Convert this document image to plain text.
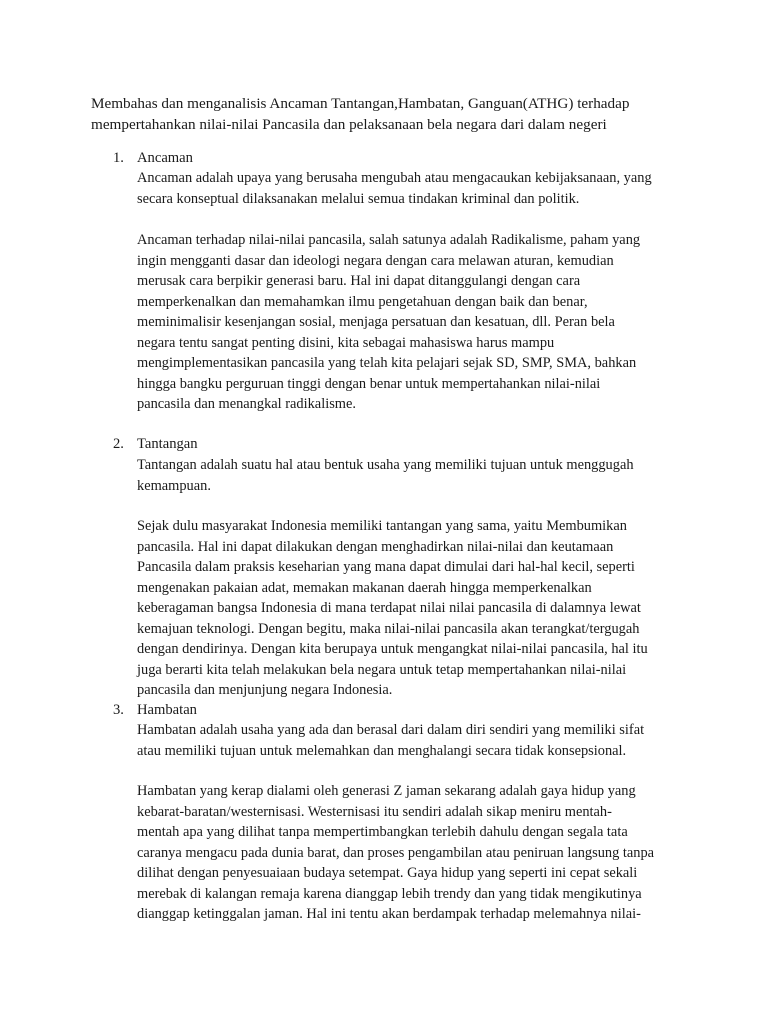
Membahas dan menganalisis Ancaman Tantangan,Hambatan, Ganguan(ATHG) terhadap
mempertahankan nilai-nilai Pancasila dan pelaksanaan bela negara dari dalam negeri
1. Ancaman
Ancaman adalah upaya yang berusaha mengubah atau mengacaukan kebijaksanaan, yang
secara konseptual dilaksanakan melalui semua tindakan kriminal dan politik.
Ancaman terhadap nilai-nilai pancasila, salah satunya adalah Radikalisme, paham yang
ingin mengganti dasar dan ideologi negara dengan cara melawan aturan, kemudian
merusak cara berpikir generasi baru. Hal ini dapat ditanggulangi dengan cara
memperkenalkan dan memahamkan ilmu pengetahuan dengan baik dan benar,
meminimalisir kesenjangan sosial, menjaga persatuan dan kesatuan, dll. Peran bela
negara tentu sangat penting disini, kita sebagai mahasiswa harus mampu
mengimplementasikan pancasila yang telah kita pelajari sejak SD, SMP, SMA, bahkan
hingga bangku perguruan tinggi dengan benar untuk mempertahankan nilai-nilai
pancasila dan menangkal radikalisme.
2. Tantangan
Tantangan adalah suatu hal atau bentuk usaha yang memiliki tujuan untuk menggugah
kemampuan.
Sejak dulu masyarakat Indonesia memiliki tantangan yang sama, yaitu Membumikan
pancasila. Hal ini dapat dilakukan dengan menghadirkan nilai-nilai dan keutamaan
Pancasila dalam praksis keseharian yang mana dapat dimulai dari hal-hal kecil, seperti
mengenakan pakaian adat, memakan makanan daerah hingga memperkenalkan
keberagaman bangsa Indonesia di mana terdapat nilai nilai pancasila di dalamnya lewat
kemajuan teknologi. Dengan begitu, maka nilai-nilai pancasila akan terangkat/tergugah
dengan dendirinya. Dengan kita berupaya untuk mengangkat nilai-nilai pancasila, hal itu
juga berarti kita telah melakukan bela negara untuk tetap mempertahankan nilai-nilai
pancasila dan menjunjung negara Indonesia.
3. Hambatan
Hambatan adalah usaha yang ada dan berasal dari dalam diri sendiri yang memiliki sifat
atau memiliki tujuan untuk melemahkan dan menghalangi secara tidak konsepsional.
Hambatan yang kerap dialami oleh generasi Z jaman sekarang adalah gaya hidup yang
kebarat-baratan/westernisasi. Westernisasi itu sendiri adalah sikap meniru mentah-
mentah apa yang dilihat tanpa mempertimbangkan terlebih dahulu dengan segala tata
caranya mengacu pada dunia barat, dan proses pengambilan atau peniruan langsung tanpa
dilihat dengan penyesuaiaan budaya setempat. Gaya hidup yang seperti ini cepat sekali
merebak di kalangan remaja karena dianggap lebih trendy dan yang tidak mengikutinya
dianggap ketinggalan jaman. Hal ini tentu akan berdampak terhadap melemahnya nilai-
